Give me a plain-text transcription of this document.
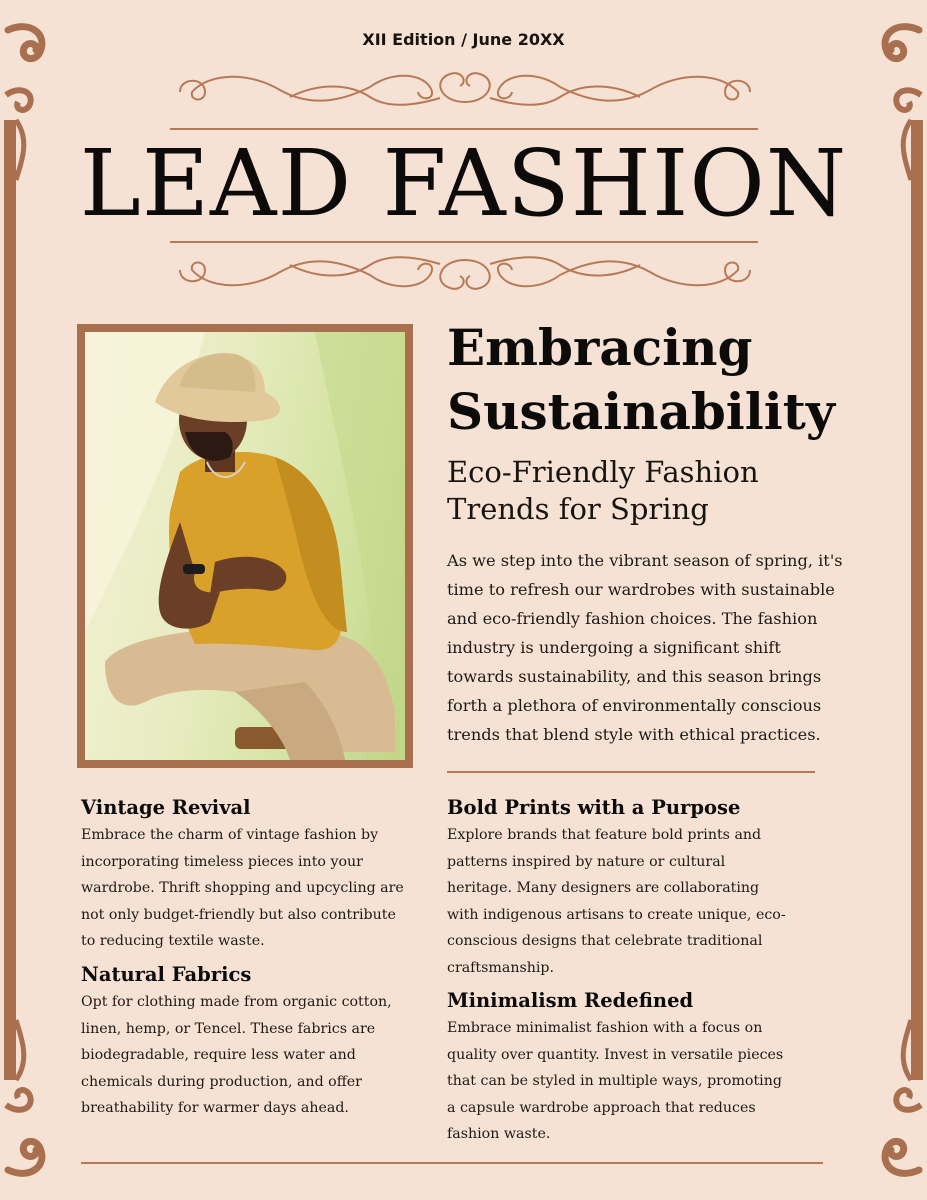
XII Edition / June 20XX
LEAD FASHION
Embracing Sustainability
Eco-Friendly Fashion Trends for Spring
As we step into the vibrant season of spring, it's time to refresh our wardrobes with sustainable and eco-friendly fashion choices. The fashion industry is undergoing a significant shift towards sustainability, and this season brings forth a plethora of environmentally conscious trends that blend style with ethical practices.
Vintage Revival

Embrace the charm of vintage fashion by incorporating timeless pieces into your wardrobe. Thrift shopping and upcycling are not only budget-friendly but also contribute to reducing textile waste.

Natural Fabrics

Opt for clothing made from organic cotton, linen, hemp, or Tencel. These fabrics are biodegradable, require less water and chemicals during production, and offer breathability for warmer days ahead.

Bold Prints with a Purpose

Explore brands that feature bold prints and patterns inspired by nature or cultural heritage. Many designers are collaborating with indigenous artisans to create unique, eco-conscious designs that celebrate traditional craftsmanship.

Minimalism Redefined

Embrace minimalist fashion with a focus on quality over quantity. Invest in versatile pieces that can be styled in multiple ways, promoting a capsule wardrobe approach that reduces fashion waste.
